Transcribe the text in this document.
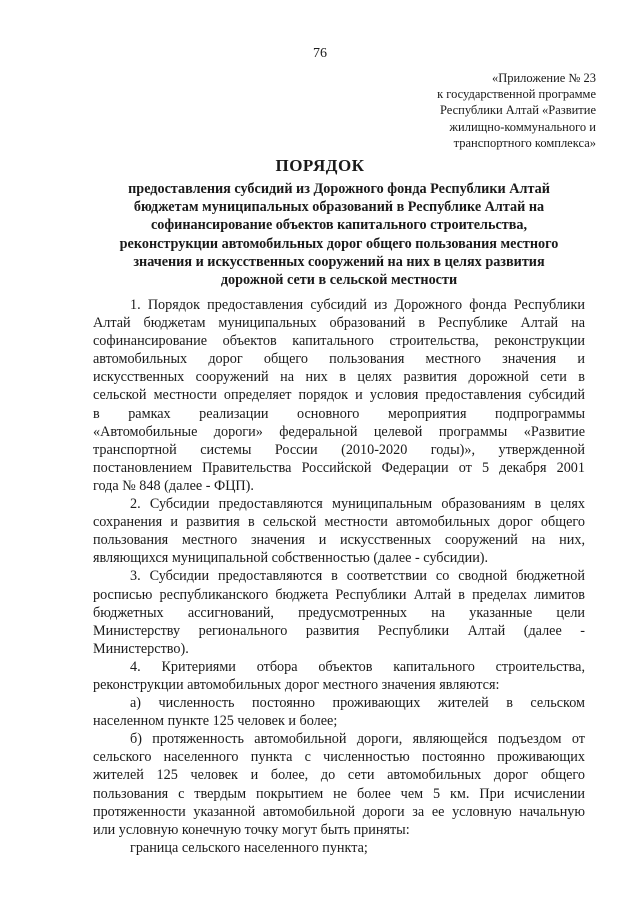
76
«Приложение № 23
к государственной программе
Республики Алтай «Развитие
жилищно-коммунального и
транспортного комплекса»
ПОРЯДОК
предоставления субсидий из Дорожного фонда Республики Алтай
бюджетам муниципальных образований в Республике Алтай на
софинансирование объектов капитального строительства,
реконструкции автомобильных дорог общего пользования местного
значения и искусственных сооружений на них в целях развития
дорожной сети в сельской местности
1. Порядок предоставления субсидий из Дорожного фонда Республики
Алтай бюджетам муниципальных образований в Республике Алтай на
софинансирование объектов капитального строительства, реконструкции
автомобильных дорог общего пользования местного значения и
искусственных сооружений на них в целях развития дорожной сети в
сельской местности определяет порядок и условия предоставления субсидий
в рамках реализации основного мероприятия подпрограммы
«Автомобильные дороги» федеральной целевой программы «Развитие
транспортной системы России (2010-2020 годы)», утвержденной
постановлением Правительства Российской Федерации от 5 декабря 2001
года № 848 (далее - ФЦП).
2. Субсидии предоставляются муниципальным образованиям в целях
сохранения и развития в сельской местности автомобильных дорог общего
пользования местного значения и искусственных сооружений на них,
являющихся муниципальной собственностью (далее - субсидии).
3. Субсидии предоставляются в соответствии со сводной бюджетной
росписью республиканского бюджета Республики Алтай в пределах лимитов
бюджетных ассигнований, предусмотренных на указанные цели
Министерству регионального развития Республики Алтай (далее -
Министерство).
4. Критериями отбора объектов капитального строительства,
реконструкции автомобильных дорог местного значения являются:
а) численность постоянно проживающих жителей в сельском
населенном пункте 125 человек и более;
б) протяженность автомобильной дороги, являющейся подъездом от
сельского населенного пункта с численностью постоянно проживающих
жителей 125 человек и более, до сети автомобильных дорог общего
пользования с твердым покрытием не более чем 5 км. При исчислении
протяженности указанной автомобильной дороги за ее условную начальную
или условную конечную точку могут быть приняты:
граница сельского населенного пункта;
